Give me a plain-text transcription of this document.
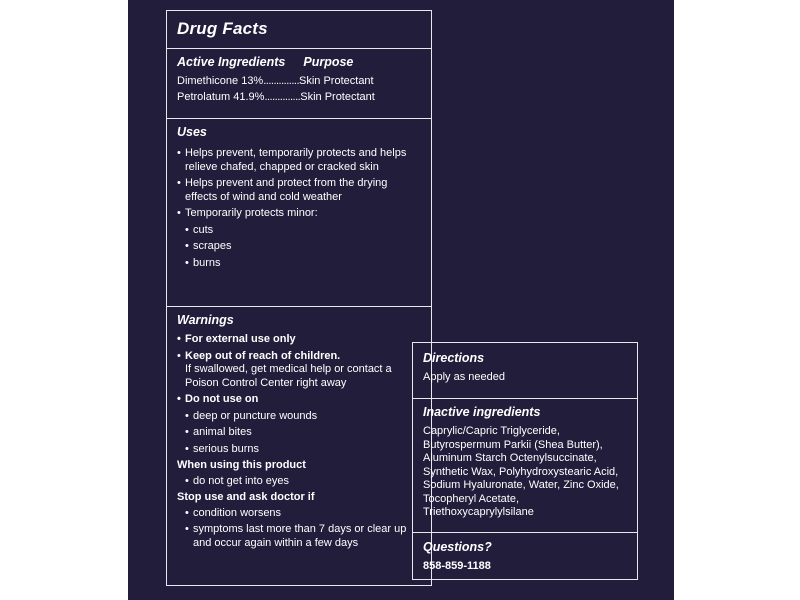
Drug Facts
Active Ingredients Purpose
Dimethicone 13% .............. Skin Protectant
Petrolatum 41.9% .............. Skin Protectant
Uses
• Helps prevent, temporarily protects and helps relieve chafed, chapped or cracked skin
• Helps prevent and protect from the drying effects of wind and cold weather
• Temporarily protects minor:
• cuts
• scrapes
• burns
Warnings
• For external use only
• Keep out of reach of children.
If swallowed, get medical help or contact a Poison Control Center right away
• Do not use on
• deep or puncture wounds
• animal bites
• serious burns
When using this product
• do not get into eyes
Stop use and ask doctor if
• condition worsens
• symptoms last more than 7 days or clear up and occur again within a few days
Directions
Apply as needed
Inactive ingredients
Caprylic/Capric Triglyceride, Butyrospermum Parkii (Shea Butter), Aluminum Starch Octenylsuccinate, Synthetic Wax, Polyhydroxystearic Acid, Sodium Hyaluronate, Water, Zinc Oxide, Tocopheryl Acetate, Triethoxycaprylylsilane
Questions?
858-859-1188
